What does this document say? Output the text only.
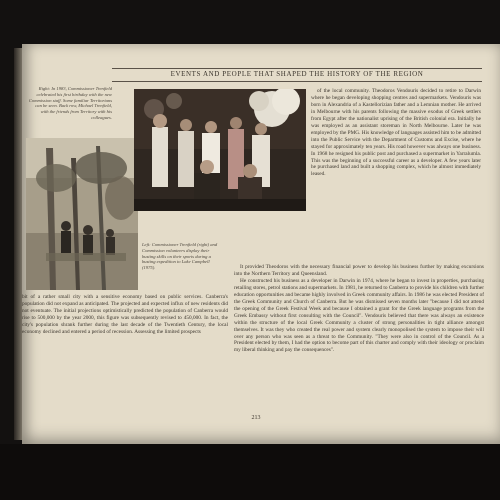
EVENTS AND PEOPLE THAT SHAPED THE HISTORY OF THE REGION
Right: In 1983, Commissioner Trenfield celebrated his first birthday with the new Commission staff. Some familiar Territorians can be seen. Back row, Michael Trenfield, with the friends from Territory with his colleagues.
Left: Commissioner Trenfield (right) and Commission volunteers display their busting skills on their sports during a busting expedition to Lake Campbell (1975).

of the local community. Theodoros Vendouris decided to retire to Darwin where he began developing shopping centres and supermarkets. Vendouris was born in Alexandria of a Kastellorizian father and a Lemnian mother. He arrived in Melbourne with his parents following the massive exodus of Greek settlers from Egypt after the nationalist uprising of the British colonial era. Initially he was employed as an assistant storeman in North Melbourne. Later he was employed by the PMG. His knowledge of languages assisted him to be admitted into the Public Service with the Department of Customs and Excise, where he stayed for approximately ten years. His road however was always one business. In 1968 he resigned his public post and purchased a supermarket in Yarralumla. This was the beginning of a successful career as a developer. A few years later he purchased land and built a shopping complex, which he almost immediately leased.

It provided Theodoros with the necessary financial power to develop his business further by making excursions into the Northern Territory and Queensland.

He constructed his business as a developer in Darwin in 1974, where he began to invest in properties, purchasing retailing stores, petrol stations and supermarkets. In 1981, he returned to Canberra to provide his children with further education opportunities and became highly involved in Greek community affairs. In 1986 he was elected President of the Greek Community and Church of Canberra. But he was dismissed seven months later "because I did not attend the opening of the Greek Festival Week and because I obtained a grant for the Greek language programs from the Greek Embassy without first consulting with the Council". Vendouris believed that there was always an existence within the structure of the local Greek Community a cluster of strong personalities in tight alliance amongst themselves. It was they who created the real power and system clearly monopolised the system to impose their will over any person who was seen as a threat to the Community. "They were also in control of the Council. As a President elected by them, I had the option to become part of this charter and comply with their ideology or proclaim my liberal thinking and pay the consequences".

bit of a rather small city with a sensitive economy based on public services. Canberra's population did not expand as anticipated. The projected and expected influx of new residents did not eventuate. The initial projections optimistically predicted the population of Canberra would rise to 500,000 by the year 2000, this figure was subsequently revised to 450,000. In fact, the city's population shrank further during the last decade of the Twentieth Century, the local economy declined and entered a period of recession. Assessing the limited prospects

213
